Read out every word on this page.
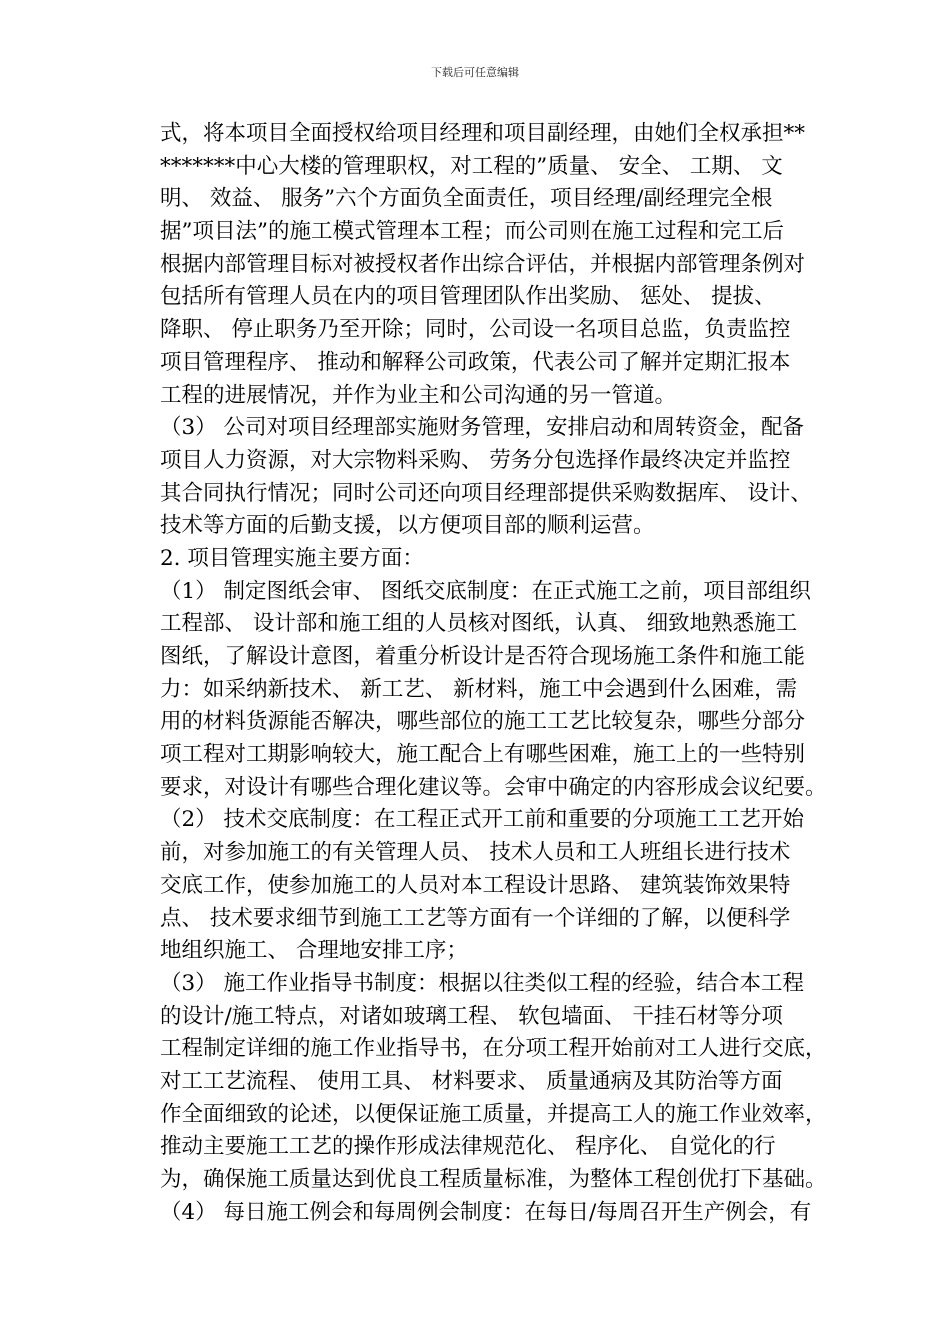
下载后可任意编辑
式，将本项目全面授权给项目经理和项目副经理，由她们全权承担**
*******中心大楼的管理职权，对工程的”质量、 安全、 工期、 文
明、 效益、 服务”六个方面负全面责任，项目经理/副经理完全根
据”项目法”的施工模式管理本工程；而公司则在施工过程和完工后
根据内部管理目标对被授权者作出综合评估，并根据内部管理条例对
包括所有管理人员在内的项目管理团队作出奖励、 惩处、 提拔、
降职、 停止职务乃至开除；同时，公司设一名项目总监，负责监控
项目管理程序、 推动和解释公司政策，代表公司了解并定期汇报本
工程的进展情况，并作为业主和公司沟通的另一管道。
（3） 公司对项目经理部实施财务管理，安排启动和周转资金，配备
项目人力资源，对大宗物料采购、 劳务分包选择作最终决定并监控
其合同执行情况；同时公司还向项目经理部提供采购数据库、 设计、
技术等方面的后勤支援，以方便项目部的顺利运营。
2. 项目管理实施主要方面：
（1） 制定图纸会审、 图纸交底制度：在正式施工之前，项目部组织
工程部、 设计部和施工组的人员核对图纸，认真、 细致地熟悉施工
图纸，了解设计意图，着重分析设计是否符合现场施工条件和施工能
力：如采纳新技术、 新工艺、 新材料，施工中会遇到什么困难，需
用的材料货源能否解决，哪些部位的施工工艺比较复杂，哪些分部分
项工程对工期影响较大，施工配合上有哪些困难，施工上的一些特别
要求，对设计有哪些合理化建议等。会审中确定的内容形成会议纪要。
（2） 技术交底制度：在工程正式开工前和重要的分项施工工艺开始
前，对参加施工的有关管理人员、 技术人员和工人班组长进行技术
交底工作，使参加施工的人员对本工程设计思路、 建筑装饰效果特
点、 技术要求细节到施工工艺等方面有一个详细的了解，以便科学
地组织施工、 合理地安排工序；
（3） 施工作业指导书制度：根据以往类似工程的经验，结合本工程
的设计/施工特点，对诸如玻璃工程、 软包墙面、 干挂石材等分项
工程制定详细的施工作业指导书，在分项工程开始前对工人进行交底，
对工工艺流程、 使用工具、 材料要求、 质量通病及其防治等方面
作全面细致的论述，以便保证施工质量，并提高工人的施工作业效率，
推动主要施工工艺的操作形成法律规范化、 程序化、 自觉化的行
为，确保施工质量达到优良工程质量标准，为整体工程创优打下基础。
（4） 每日施工例会和每周例会制度：在每日/每周召开生产例会，有
